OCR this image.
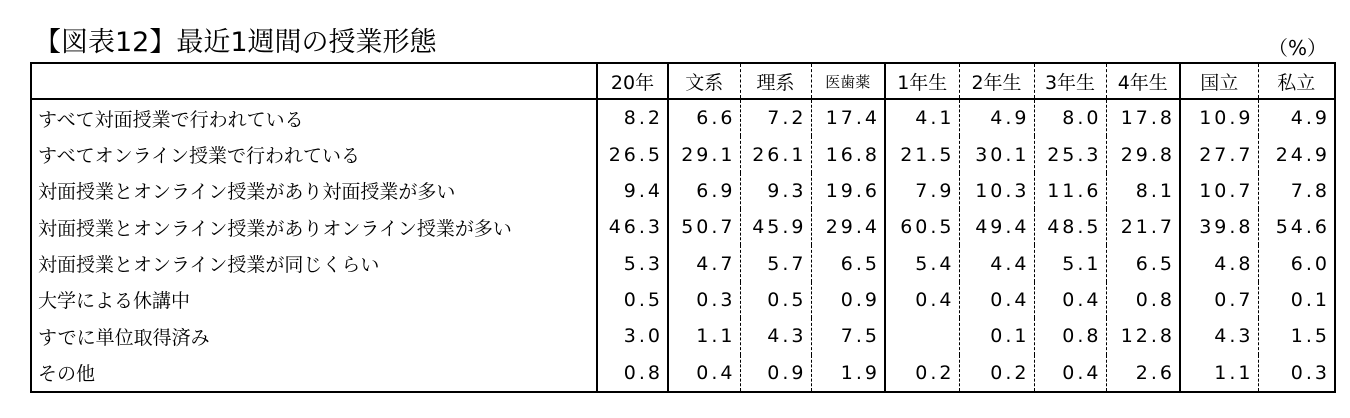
【図表12】最近1週間の授業形態	（%）
	20年	文系	理系	医歯薬	1年生	2年生	3年生	4年生	国立	私立
すべて対面授業で行われている	8.2	6.6	7.2	17.4	4.1	4.9	8.0	17.8	10.9	4.9
すべてオンライン授業で行われている	26.5	29.1	26.1	16.8	21.5	30.1	25.3	29.8	27.7	24.9
対面授業とオンライン授業があり対面授業が多い	9.4	6.9	9.3	19.6	7.9	10.3	11.6	8.1	10.7	7.8
対面授業とオンライン授業がありオンライン授業が多い	46.3	50.7	45.9	29.4	60.5	49.4	48.5	21.7	39.8	54.6
対面授業とオンライン授業が同じくらい	5.3	4.7	5.7	6.5	5.4	4.4	5.1	6.5	4.8	6.0
大学による休講中	0.5	0.3	0.5	0.9	0.4	0.4	0.4	0.8	0.7	0.1
すでに単位取得済み	3.0	1.1	4.3	7.5		0.1	0.8	12.8	4.3	1.5
その他	0.8	0.4	0.9	1.9	0.2	0.2	0.4	2.6	1.1	0.3
